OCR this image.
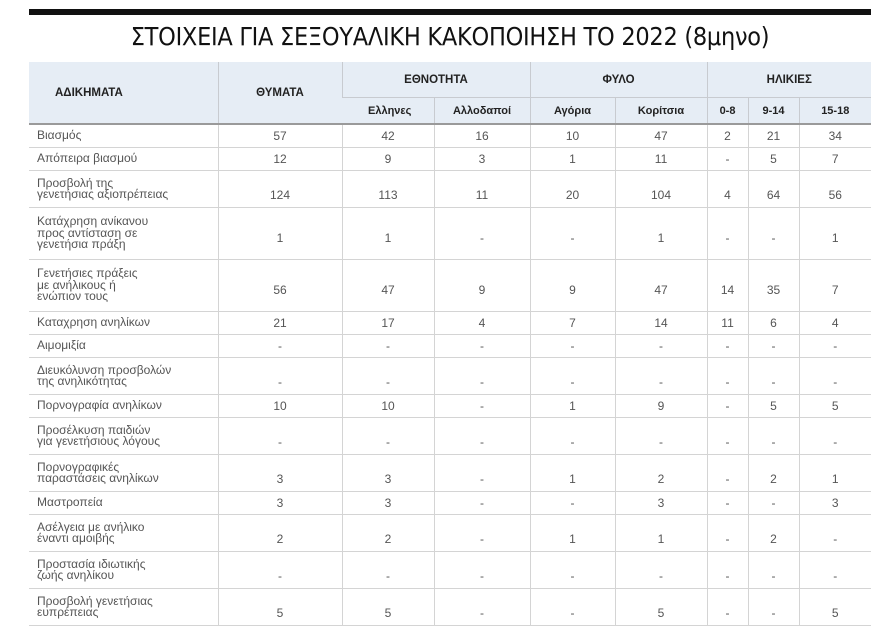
ΣΤΟΙΧΕΙΑ ΓΙΑ ΣΕΞΟΥΑΛΙΚΗ ΚΑΚΟΠΟΙΗΣΗ ΤΟ 2022 (8μηνο)
ΑΔΙΚΗΜΑΤΑ	ΘΥΜΑΤΑ	ΕΘΝΟΤΗΤΑ		ΦΥΛΟ		ΗΛΙΚΙΕΣ		
		Ελληνες	Αλλοδαποί	Αγόρια	Κορίτσια	0-8	9-14	15-18

Βιασμός	57	42	16	10	47	2	21	34

Απόπειρα βιασμού	12	9	3	1	11	-	5	7

Προσβολή της
γενετήσιας αξιοπρέπειας	124	113	11	20	104	4	64	56

Κατάχρηση ανίκανου
προς αντίσταση σε
γενετήσια πράξη	1	1	-	-	1	-	-	1

Γενετήσιες πράξεις
με ανήλικους ή
ενώπιον τους	56	47	9	9	47	14	35	7

Καταχρηση ανηλίκων	21	17	4	7	14	11	6	4

Αιμομιξία	-	-	-	-	-	-	-	-

Διευκόλυνση προσβολών
της ανηλικότητας	-	-	-	-	-	-	-	-

Πορνογραφία ανηλίκων	10	10	-	1	9	-	5	5

Προσέλκυση παιδιών
για γενετήσιους λόγους	-	-	-	-	-	-	-	-

Πορνογραφικές
παραστάσεις ανηλίκων	3	3	-	1	2	-	2	1

Μαστροπεία	3	3	-	-	3	-	-	3

Ασέλγεια με ανήλικο
έναντι αμοιβής	2	2	-	1	1	-	2	-

Προστασία ιδιωτικής
ζωής ανηλίκου	-	-	-	-	-	-	-	-

Προσβολή γενετήσιας
ευπρέπειας	5	5	-	-	5	-	-	5
